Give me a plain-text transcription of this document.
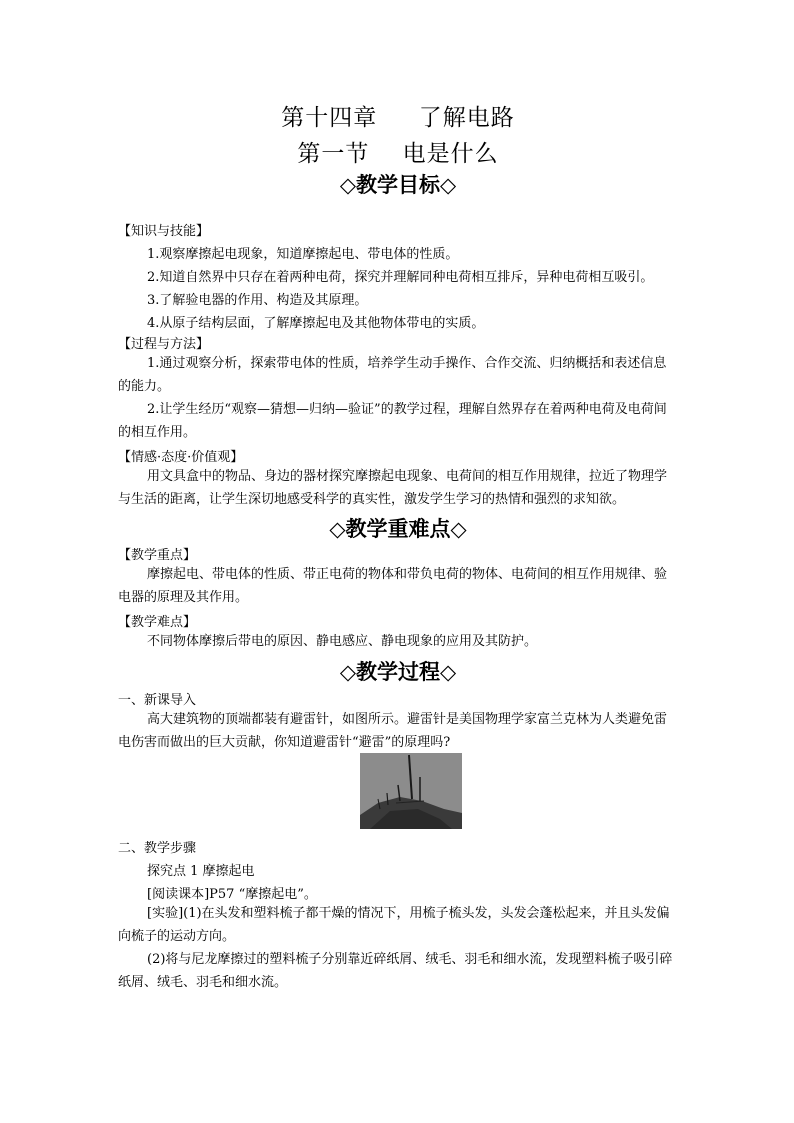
第十四章     了解电路
第一节    电是什么
◇教学目标◇
【知识与技能】
1.观察摩擦起电现象，知道摩擦起电、带电体的性质。
2.知道自然界中只存在着两种电荷，探究并理解同种电荷相互排斥，异种电荷相互吸引。
3.了解验电器的作用、构造及其原理。
4.从原子结构层面，了解摩擦起电及其他物体带电的实质。
【过程与方法】
1.通过观察分析，探索带电体的性质，培养学生动手操作、合作交流、归纳概括和表述信息的能力。
2.让学生经历“观察—猜想—归纳—验证”的教学过程，理解自然界存在着两种电荷及电荷间的相互作用。
【情感·态度·价值观】
用文具盒中的物品、身边的器材探究摩擦起电现象、电荷间的相互作用规律，拉近了物理学与生活的距离，让学生深切地感受科学的真实性，激发学生学习的热情和强烈的求知欲。
◇教学重难点◇
【教学重点】
摩擦起电、带电体的性质、带正电荷的物体和带负电荷的物体、电荷间的相互作用规律、验电器的原理及其作用。
【教学难点】
不同物体摩擦后带电的原因、静电感应、静电现象的应用及其防护。
◇教学过程◇
一、新课导入
高大建筑物的顶端都装有避雷针，如图所示。避雷针是美国物理学家富兰克林为人类避免雷电伤害而做出的巨大贡献，你知道避雷针“避雷”的原理吗?
二、教学步骤
探究点 1 摩擦起电
[阅读课本]P57 “摩擦起电”。
[实验](1)在头发和塑料梳子都干燥的情况下，用梳子梳头发，头发会蓬松起来，并且头发偏向梳子的运动方向。
(2)将与尼龙摩擦过的塑料梳子分别靠近碎纸屑、绒毛、羽毛和细水流，发现塑料梳子吸引碎纸屑、绒毛、羽毛和细水流。
